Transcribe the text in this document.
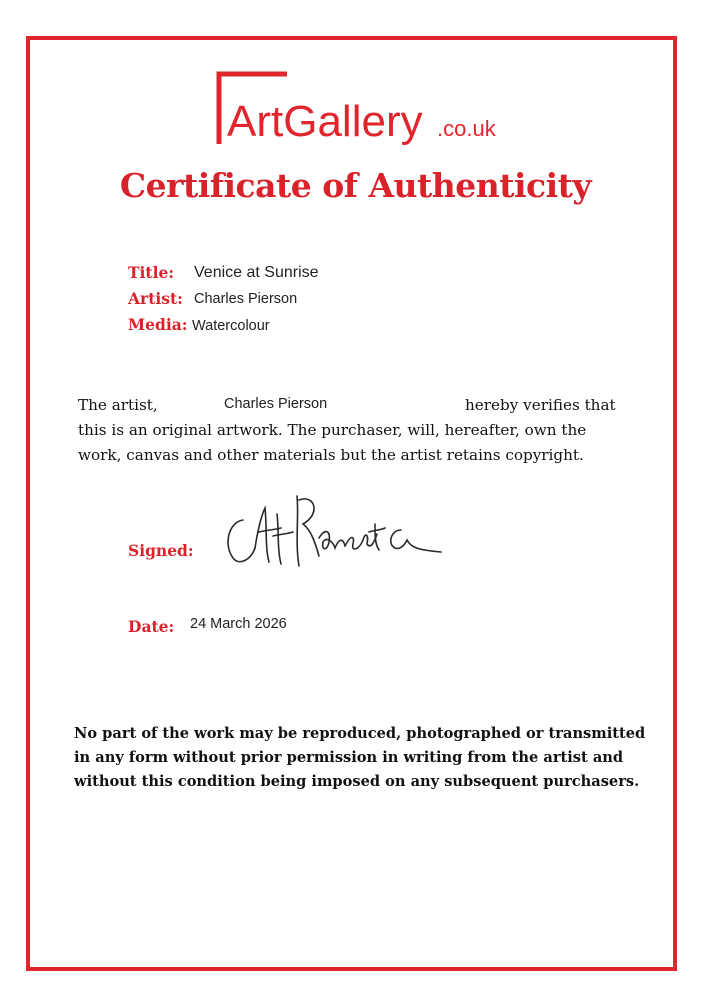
ArtGallery .co.uk
Certificate of Authenticity
Title: Venice at Sunrise
Artist: Charles Pierson
Media: Watercolour
The artist,	Charles Pierson	hereby verifies that
this is an original artwork. The purchaser, will, hereafter, own the
work, canvas and other materials but the artist retains copyright.
Signed:
Date: 24 March 2026
No part of the work may be reproduced, photographed or transmitted
in any form without prior permission in writing from the artist and
without this condition being imposed on any subsequent purchasers.
